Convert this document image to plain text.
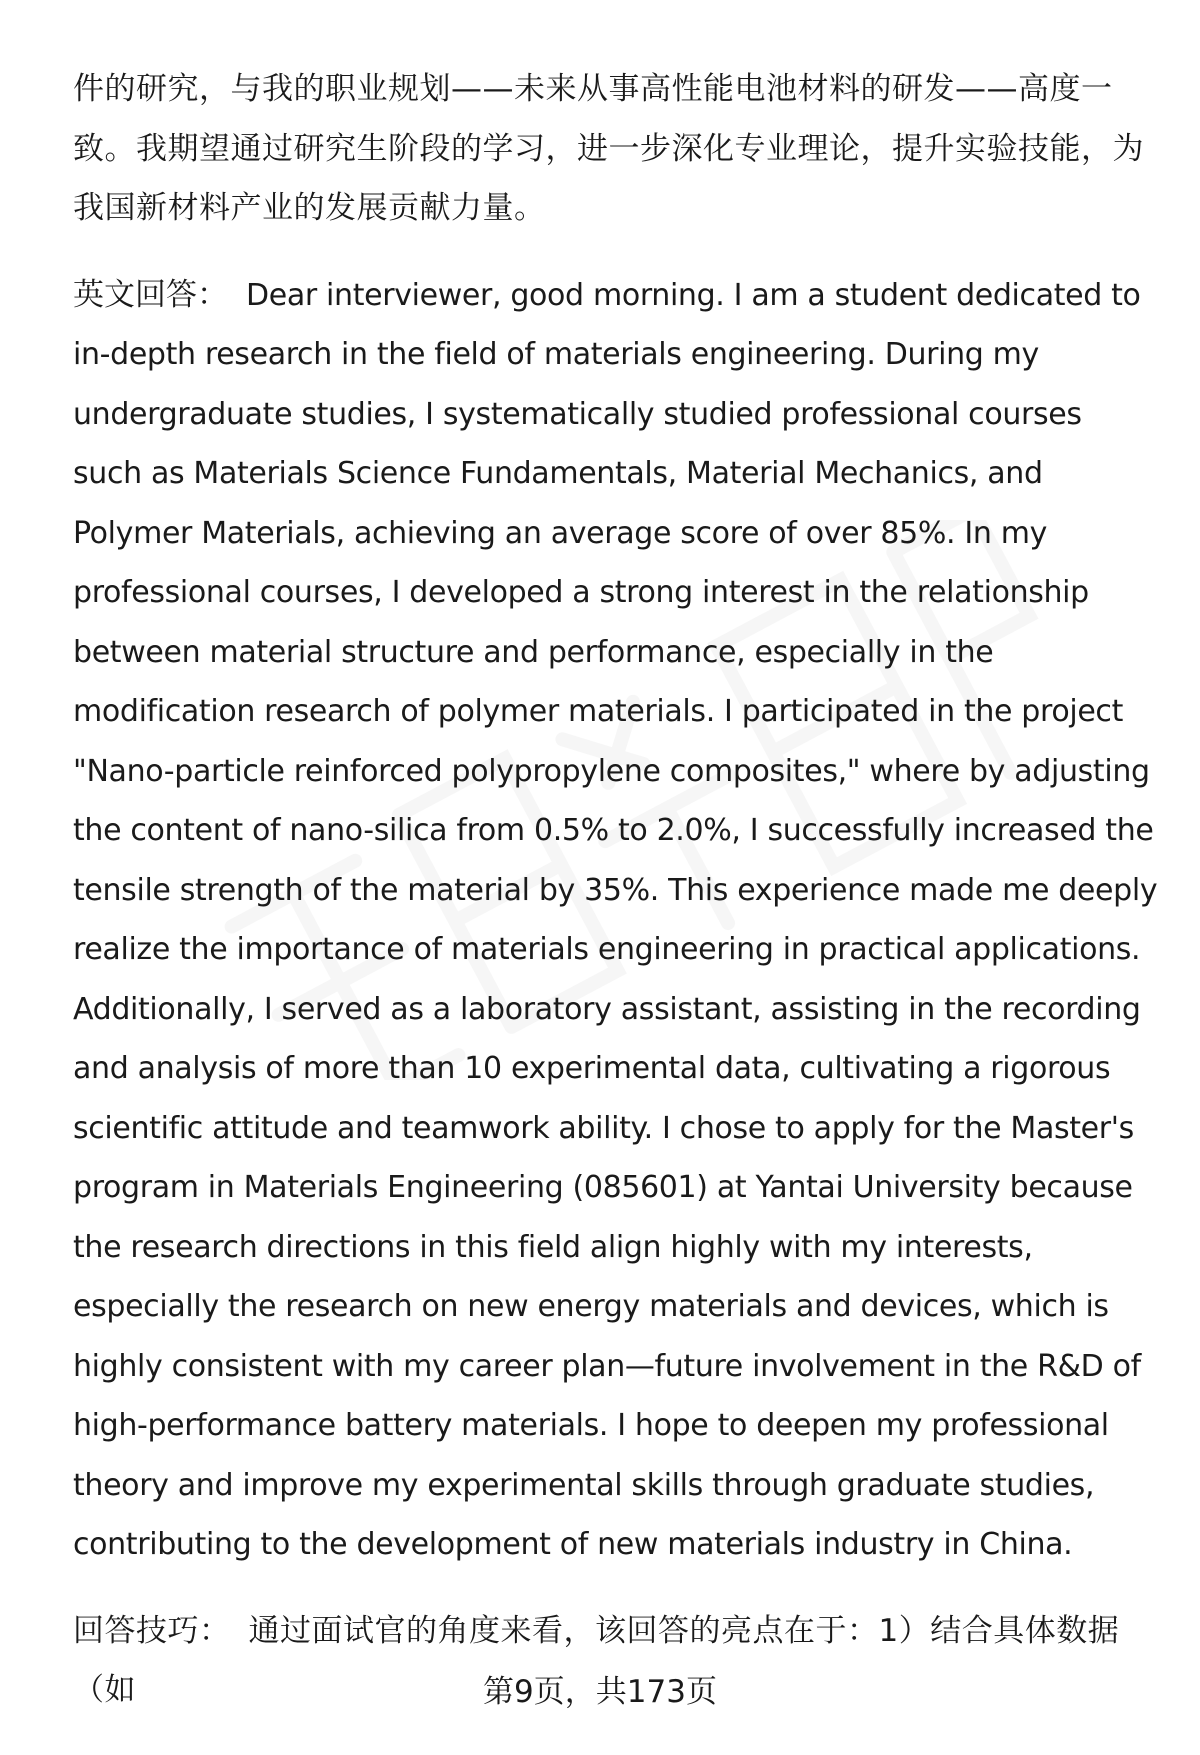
件的研究，与我的职业规划——未来从事高性能电池材料的研发——高度一致。我期望通过研究生阶段的学习，进一步深化专业理论，提升实验技能，为我国新材料产业的发展贡献力量。

英文回答： Dear interviewer, good morning. I am a student dedicated to in-depth research in the field of materials engineering. During my undergraduate studies, I systematically studied professional courses such as Materials Science Fundamentals, Material Mechanics, and Polymer Materials, achieving an average score of over 85%. In my professional courses, I developed a strong interest in the relationship between material structure and performance, especially in the modification research of polymer materials. I participated in the project "Nano-particle reinforced polypropylene composites," where by adjusting the content of nano-silica from 0.5% to 2.0%, I successfully increased the tensile strength of the material by 35%. This experience made me deeply realize the importance of materials engineering in practical applications. Additionally, I served as a laboratory assistant, assisting in the recording and analysis of more than 10 experimental data, cultivating a rigorous scientific attitude and teamwork ability. I chose to apply for the Master's program in Materials Engineering (085601) at Yantai University because the research directions in this field align highly with my interests, especially the research on new energy materials and devices, which is highly consistent with my career plan—future involvement in the R&D of high-performance battery materials. I hope to deepen my professional theory and improve my experimental skills through graduate studies, contributing to the development of new materials industry in China.

回答技巧： 通过面试官的角度来看，该回答的亮点在于：1）结合具体数据（如	第9页，共173页
